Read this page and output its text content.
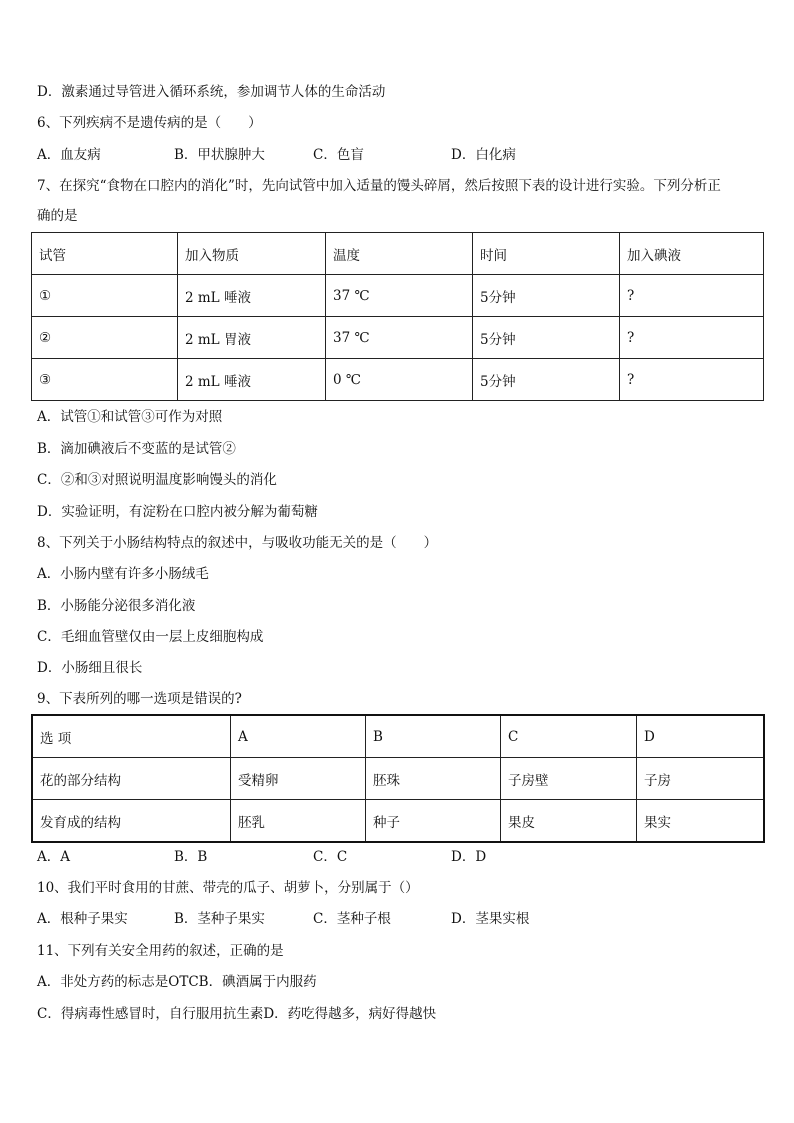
D．激素通过导管进入循环系统，参加调节人体的生命活动
6、下列疾病不是遗传病的是（　　）
A．血友病	B．甲状腺肿大	C．色盲	D．白化病
7、在探究“食物在口腔内的消化”时，先向试管中加入适量的馒头碎屑，然后按照下表的设计进行实验。下列分析正
确的是
试管	加入物质	温度	时间	加入碘液
①	2 mL 唾液	37 ℃	5分钟	?
②	2 mL 胃液	37 ℃	5分钟	?
③	2 mL 唾液	0 ℃	5分钟	?
A．试管①和试管③可作为对照
B．滴加碘液后不变蓝的是试管②
C．②和③对照说明温度影响馒头的消化
D．实验证明，有淀粉在口腔内被分解为葡萄糖
8、下列关于小肠结构特点的叙述中，与吸收功能无关的是（　　）
A．小肠内壁有许多小肠绒毛
B．小肠能分泌很多消化液
C．毛细血管壁仅由一层上皮细胞构成
D．小肠细且很长
9、下表所列的哪一选项是错误的?
选 项	A	B	C	D
花的部分结构	受精卵	胚珠	子房壁	子房
发育成的结构	胚乳	种子	果皮	果实
A．A	B．B	C．C	D．D
10、我们平时食用的甘蔗、带壳的瓜子、胡萝卜，分别属于（）
A．根种子果实	B．茎种子果实	C．茎种子根	D．茎果实根
11、下列有关安全用药的叙述，正确的是
A．非处方药的标志是OTCB．碘酒属于内服药
C．得病毒性感冒时，自行服用抗生素D．药吃得越多，病好得越快
